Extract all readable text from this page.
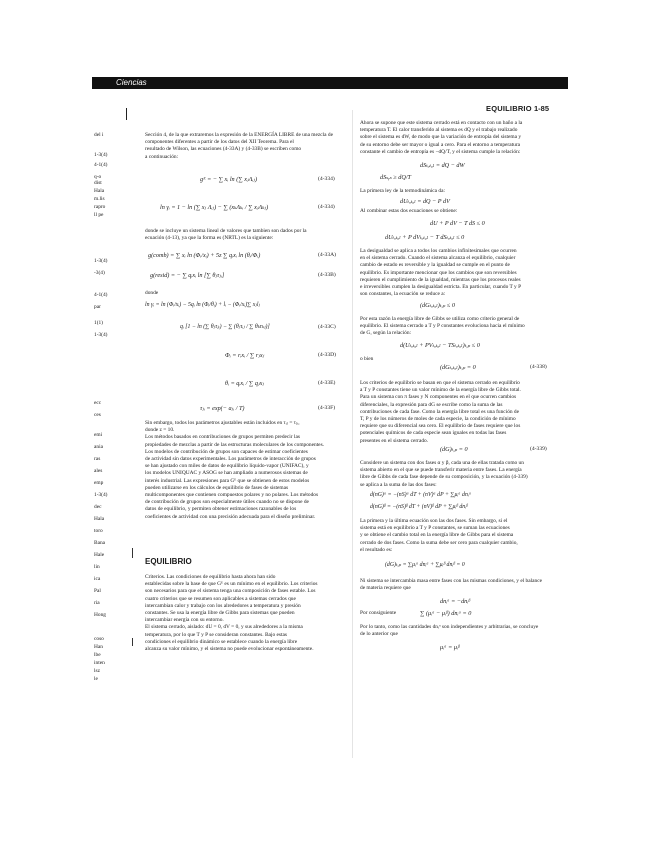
Ciencias
EQUILIBRIO 1-85
del i
1-3(4)
4-1(4)
q-o
dist
Hala
m.lis
rapro
ll pe
1-3(4)
-3(4)
4-1(4)
par
1(1)
1-3(4)
ecc
ces
emi
ania
ras
ales
emp
1-3(4)
dec
Hala
toro
Bana
Hale
lin
ica
Pal
ria
Hong
coso
Han
lbe
inten
lsz
le
Sección 4, de la que extraremos la expresión de la ENERGÍA LIBRE de una mezcla de
componentes diferentes a partir de los datos del XII Teorema. Para el
resultado de Wilson, las ecuaciones (4-33A) y (4-33B) se escriben como
a continuación:
gᴱ = − ∑ xᵢ ln (∑ xⱼΛᵢⱼ)	(4-334)
ln γᵢ = 1 − ln (∑ xⱼ Λᵢⱼ) − ∑ (xₖΛₖᵢ / ∑ xⱼΛₖⱼ)	(4-334)
donde se incluye un sistema lineal de valores que tambien son dados por la
ecuación (4-13), ya que la forma es (NRTL) es la siguiente:
g(comb) = ∑ xᵢ ln (Φᵢ/xᵢ) + 5z ∑ qᵢxᵢ ln (θᵢ/Φᵢ)	(4-33A)
g(resid) = − ∑ qᵢxᵢ ln [∑ θⱼτⱼᵢ]	(4-33B)
donde
ln γᵢ = ln (Φᵢ/xᵢ) − 5qᵢ ln (Φᵢ/θᵢ) + lᵢ − (Φᵢ/xᵢ)∑ xⱼlⱼ
qᵢ [1 − ln (∑ θⱼτⱼᵢ) − ∑ (θⱼτᵢⱼ / ∑ θₖτₖⱼ)]	(4-33C)
Φᵢ = rᵢxᵢ / ∑ rⱼxⱼ	(4-33D)
θᵢ = qᵢxᵢ / ∑ qⱼxⱼ	(4-33E)
τⱼᵢ = exp(− aⱼᵢ / T)	(4-33F)
Sin embargo, todos los parámetros ajustables están incluidos en τᵢⱼ = τⱼᵢ,
donde z = 10.
Los métodos basados en contribuciones de grupos permiten predecir las
propiedades de mezclas a partir de las estructuras moleculares de los componentes.
Los modelos de contribución de grupos son capaces de estimar coeficientes
de actividad sin datos experimentales. Los parámetros de interacción de grupos
se han ajustado con miles de datos de equilibrio líquido-vapor (UNIFAC), y
los modelos UNIQUAC y ASOG se han ampliado a numerosos sistemas de
interés industrial. Las expresiones para Gᴱ que se obtienen de estos modelos
pueden utilizarse en los cálculos de equilibrio de fases de sistemas
multicomponentes que contienen compuestos polares y no polares. Los métodos
de contribución de grupos son especialmente útiles cuando no se dispone de
datos de equilibrio, y permiten obtener estimaciones razonables de los
coeficientes de actividad con una precisión adecuada para el diseño preliminar.
EQUILIBRIO
Criterios. Las condiciones de equilibrio hasta ahora han sido
establecidas sobre la base de que Gᴱ es un mínimo en el equilibrio. Los criterios
son necesarios para que el sistema tenga una composición de fases estable. Los
cuatro criterios que se resumen son aplicables a sistemas cerrados que
intercambian calor y trabajo con los alrededores a temperatura y presión
constantes. Se usa la energía libre de Gibbs para sistemas que pueden
intercambiar energía con su entorno.
El sistema cerrado, aislado: dU = 0, dV = 0, y sus alrededores a la misma
temperatura, por lo que T y P se consideran constantes. Bajo estas
condiciones el equilibrio dinámico se establece cuando la energía libre
alcanza su valor mínimo, y el sistema no puede evolucionar espontáneamente.
Ahora se supone que este sistema cerrado está en contacto con un baño a la
temperatura T. El calor transferido al sistema es dQ y el trabajo realizado
sobre el sistema es dW, de modo que la variación de entropía del sistema y
de su entorno debe ser mayor o igual a cero. Para el entorno a temperatura
constante el cambio de entropía es −dQ/T, y el sistema cumple la relación:
dSₜₒₜₐₗ = dQ − dW
dSₛᵧₛ ≥ dQ/T
La primera ley de la termodinámica da:
dUₜₒₜₐₗ = dQ − P dV
Al combinar estas dos ecuaciones se obtiene:
dU + P dV − T dS ≤ 0
dUₜₒₜₐₗ + P dVₜₒₜₐₗ − T dSₜₒₜₐₗ ≤ 0
La desigualdad se aplica a todos los cambios infinitesimales que ocurren
en el sistema cerrado. Cuando el sistema alcanza el equilibrio, cualquier
cambio de estado es reversible y la igualdad se cumple en el punto de
equilibrio. Es importante mencionar que los cambios que son reversibles
requieren el cumplimiento de la igualdad, mientras que los procesos reales
e irreversibles cumplen la desigualdad estricta. En particular, cuando T y P
son constantes, la ecuación se reduce a:
(dGₜₒₜₐₗ)ₜ,ₚ ≤ 0
Por esta razón la energía libre de Gibbs se utiliza como criterio general de
equilibrio. El sistema cerrado a T y P constantes evoluciona hacia el mínimo
de G, según la relación:
d(Uₜₒₜₐₗ + PVₜₒₜₐₗ − TSₜₒₜₐₗ)ₜ,ₚ ≤ 0
o bien
(dGₜₒₜₐₗ)ₜ,ₚ = 0	(4-338)
Los criterios de equilibrio se basan en que el sistema cerrado en equilibrio
a T y P constantes tiene un valor mínimo de la energía libre de Gibbs total.
Para un sistema con π fases y N componentes en el que ocurren cambios
diferenciales, la expresión para dG se escribe como la suma de las
contribuciones de cada fase. Como la energía libre total es una función de
T, P y de los números de moles de cada especie, la condición de mínimo
requiere que su diferencial sea cero. El equilibrio de fases requiere que los
potenciales químicos de cada especie sean iguales en todas las fases
presentes en el sistema cerrado.
(dG)ₜ,ₚ = 0	(4-339)
Considere un sistema con dos fases α y β, cada una de ellas tratada como un
sistema abierto en el que se puede transferir materia entre fases. La energía
libre de Gibbs de cada fase depende de su composición, y la ecuación (4-339)
se aplica a la suma de las dos fases:
d(nG)ᵅ = −(nS)ᵅ dT + (nV)ᵅ dP + ∑μᵢᵅ dnᵢᵅ
d(nG)ᵝ = −(nS)ᵝ dT + (nV)ᵝ dP + ∑μᵢᵝ dnᵢᵝ
La primera y la última ecuación son las dos fases. Sin embargo, si el
sistema está en equilibrio a T y P constantes, se suman las ecuaciones
y se obtiene el cambio total en la energía libre de Gibbs para el sistema
cerrado de dos fases. Como la suma debe ser cero para cualquier cambio,
el resultado es:
(dG)ₜ,ₚ = ∑μᵢᵅ dnᵢᵅ + ∑μᵢᵝ dnᵢᵝ = 0
Ni sistema se intercambia masa entre fases con las mismas condiciones, y el balance
de materia requiere que
dnᵢᵅ = −dnᵢᵝ
Por consiguiente	∑ (μᵢᵅ − μᵢᵝ) dnᵢᵅ = 0
Por lo tanto, como las cantidades dnᵢᵅ son independientes y arbitrarias, se concluye
de lo anterior que
μᵢᵅ = μᵢᵝ
